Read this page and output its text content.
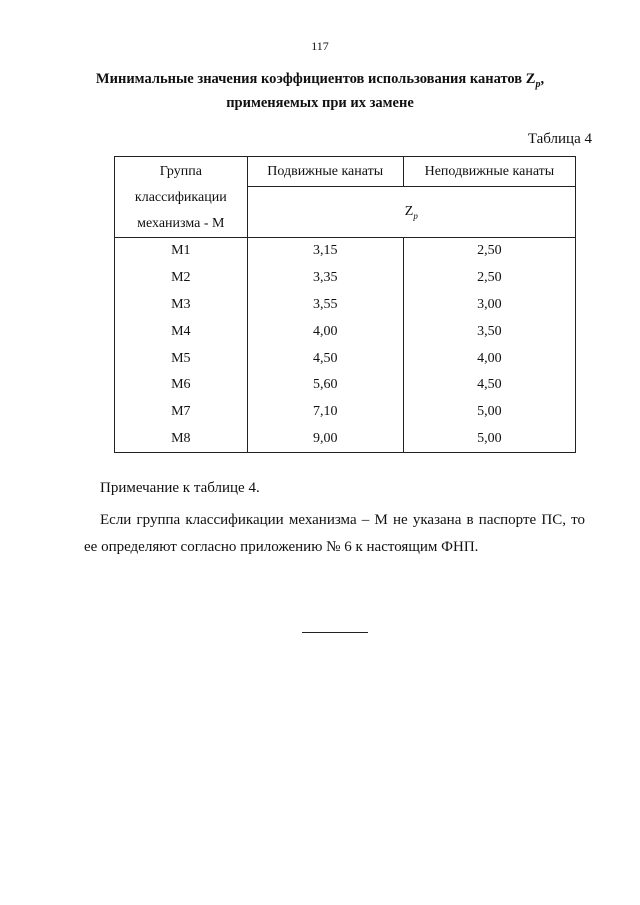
117
Минимальные значения коэффициентов использования канатов $Z_p$,
применяемых при их замене
Таблица 4
Группа
классификации
механизма - М	Подвижные канаты	Неподвижные канаты
	$Z_p$
М1	3,15	2,50
М2	3,35	2,50
М3	3,55	3,00
М4	4,00	3,50
М5	4,50	4,00
М6	5,60	4,50
М7	7,10	5,00
М8	9,00	5,00
Примечание к таблице 4.
Если группа классификации механизма – М не указана в паспорте ПС, то ее определяют согласно приложению № 6 к настоящим ФНП.
